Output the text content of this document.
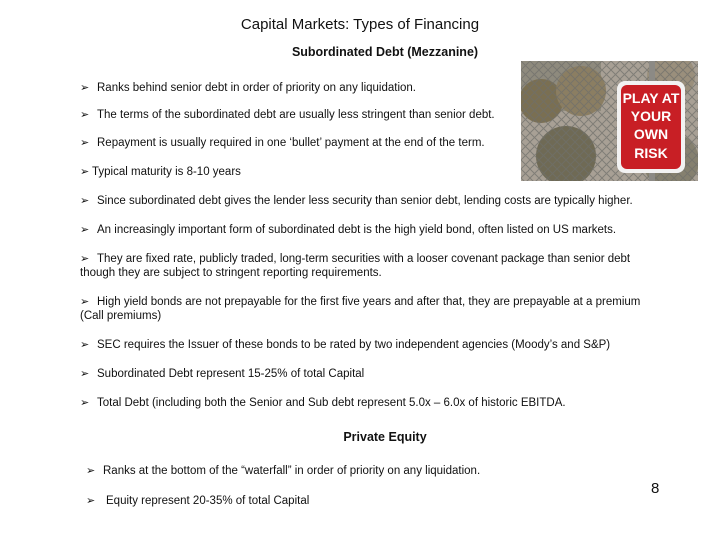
Capital Markets: Types of Financing
Subordinated Debt (Mezzanine)
PLAY AT
YOUR
OWN
RISK
➢ Ranks behind senior debt in order of priority on any liquidation.
➢ The terms of the subordinated debt are usually less stringent than senior debt.
➢ Repayment is usually required in one ‘bullet’ payment at the end of the term.
➢ Typical maturity is 8-10 years
➢ Since subordinated debt gives the lender less security than senior debt, lending costs are typically higher.
➢ An increasingly important form of subordinated debt is the high yield bond, often listed on US markets.
➢ They are fixed rate, publicly traded, long-term securities with a looser covenant package than senior debt
though they are subject to stringent reporting requirements.
➢ High yield bonds are not prepayable for the first five years and after that, they are prepayable at a premium
(Call premiums)
➢ SEC requires the Issuer of these bonds to be rated by two independent agencies (Moody’s and S&P)
➢ Subordinated Debt represent 15-25% of total Capital
➢ Total Debt (including both the Senior and Sub debt represent 5.0x – 6.0x of historic EBITDA.
Private Equity
➢ Ranks at the bottom of the “waterfall” in order of priority on any liquidation.
➢ Equity represent 20-35% of total Capital
8
